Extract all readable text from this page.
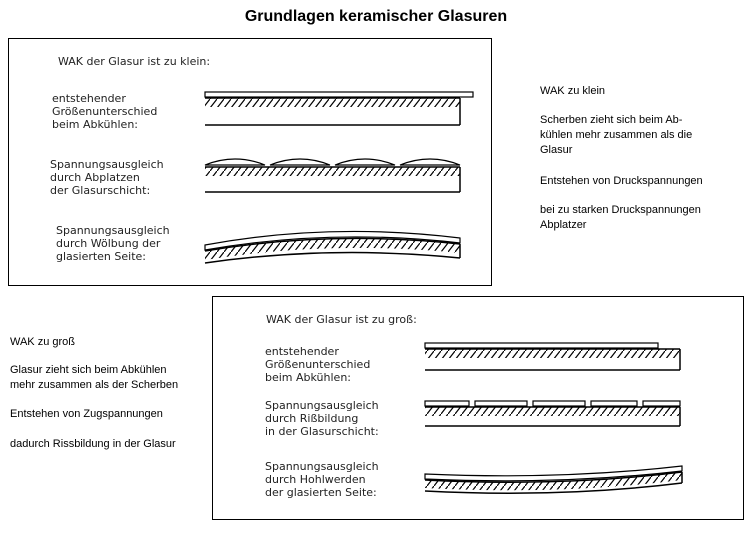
Grundlagen keramischer Glasuren
WAK der Glasur ist zu klein:
entstehender
Größenunterschied
beim Abkühlen:
Spannungsausgleich
durch Abplatzen
der Glasurschicht:
Spannungsausgleich
durch Wölbung der
glasierten Seite:
WAK zu klein
Scherben zieht sich beim Ab-
kühlen mehr zusammen als die
Glasur
Entstehen von Druckspannungen
bei zu starken Druckspannungen
Abplatzer
WAK der Glasur ist zu groß:
entstehender
Größenunterschied
beim Abkühlen:
Spannungsausgleich
durch Rißbildung
in der Glasurschicht:
Spannungsausgleich
durch Hohlwerden
der glasierten Seite:
WAK zu groß
Glasur zieht sich beim Abkühlen
mehr zusammen als der Scherben
Entstehen von Zugspannungen
dadurch Rissbildung in der Glasur
